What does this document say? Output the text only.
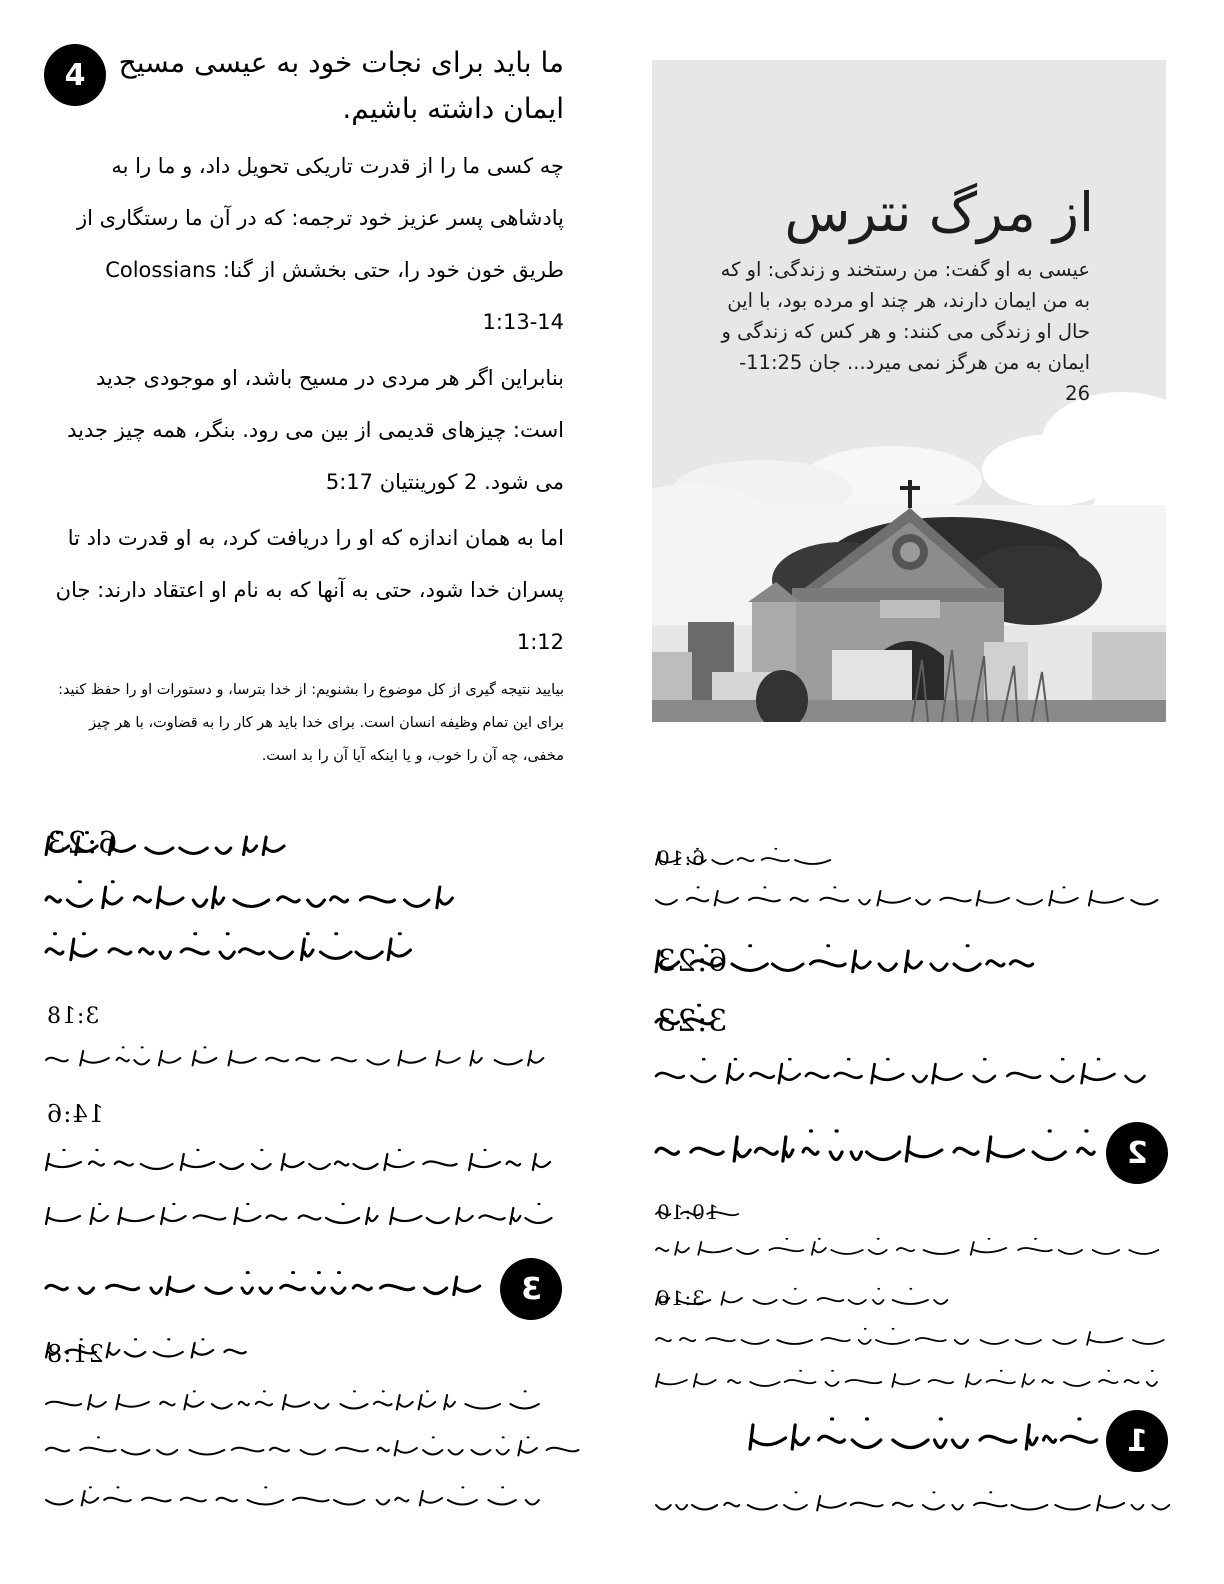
4	ما باید برای نجات خود به عیسی مسیح ایمان داشته باشیم.
چه کسی ما را از قدرت تاریکی تحویل داد، و ما را به پادشاهی پسر عزیز خود ترجمه: که در آن ما رستگاری از طریق خون خود را، حتی بخشش از گنا: Colossians 1:13-14
بنابراین اگر هر مردی در مسیح باشد، او موجودی جدید است: چیزهای قدیمی از بین می رود. بنگر، همه چیز جدید می شود. 2 کورینتیان 5:17
اما به همان اندازه که او را دریافت کرد، به او قدرت داد تا پسران خدا شود، حتی به آنها که به نام او اعتقاد دارند: جان 1:12
بیایید نتیجه گیری از کل موضوع را بشنویم: از خدا بترسا، و دستورات او را حفظ کنید: برای این تمام وظیفه انسان است. برای خدا باید هر کار را به قضاوت، با هر چیز مخفی، چه آن را خوب، و یا اینکه آیا آن را بد است.
از مرگ نترس
عیسی به او گفت: من رستخند و زندگی: او که به من ایمان دارند، هر چند او مرده بود، با این حال او زندگی می کنند: و هر کس که زندگی و ایمان به من هرگز نمی میرد... جان 11:25-26
6:23
3:18
14:6
3
21:8
6:10
6:23
3:23
2
10:10
3:16
1
